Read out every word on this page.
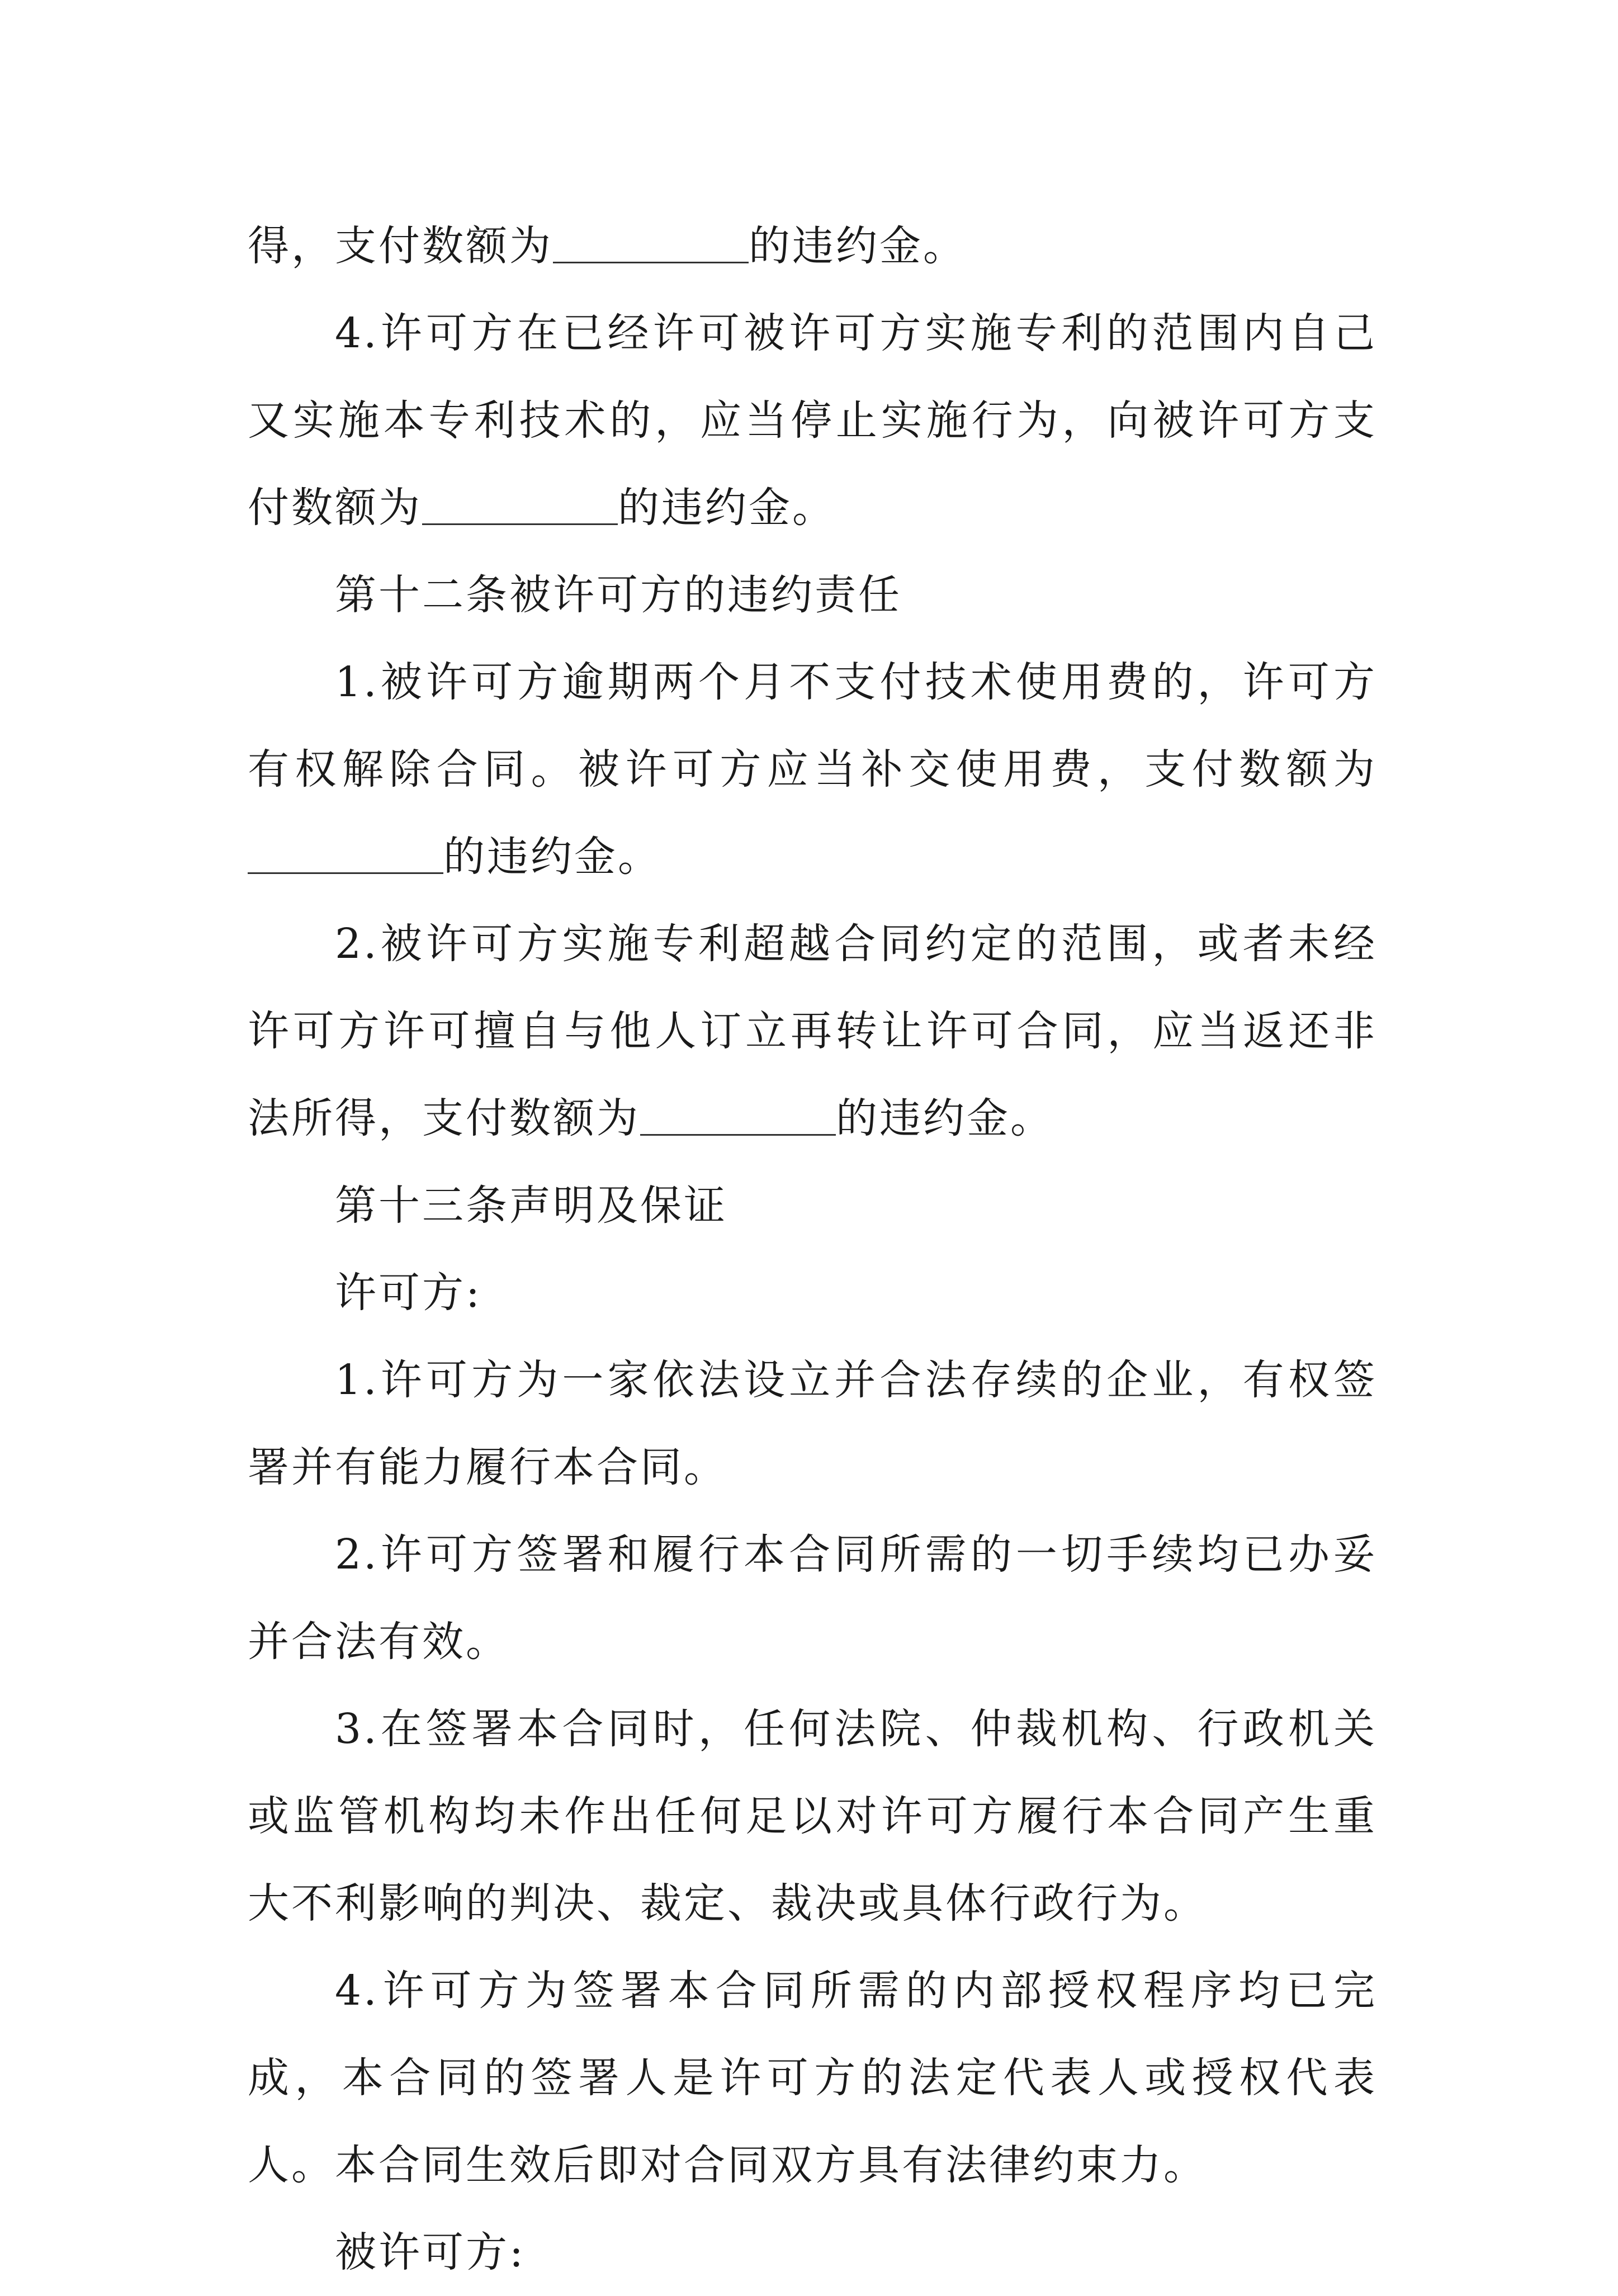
得，支付数额为	的违约金。

4.许可方在已经许可被许可方实施专利的范围内自己又实施本专利技术的，应当停止实施行为，向被许可方支付数额为	的违约金。

第十二条被许可方的违约责任

1.被许可方逾期两个月不支付技术使用费的，许可方有权解除合同。被许可方应当补交使用费，支付数额为的违约金。

2.被许可方实施专利超越合同约定的范围，或者未经许可方许可擅自与他人订立再转让许可合同，应当返还非法所得，支付数额为	的违约金。

第十三条声明及保证

许可方:

1.许可方为一家依法设立并合法存续的企业，有权签署并有能力履行本合同。

2.许可方签署和履行本合同所需的一切手续均已办妥并合法有效。

3.在签署本合同时，任何法院、仲裁机构、行政机关或监管机构均未作出任何足以对许可方履行本合同产生重大不利影响的判决、裁定、裁决或具体行政行为。

4.许可方为签署本合同所需的内部授权程序均已完成，本合同的签署人是许可方的法定代表人或授权代表人。本合同生效后即对合同双方具有法律约束力。

被许可方:
